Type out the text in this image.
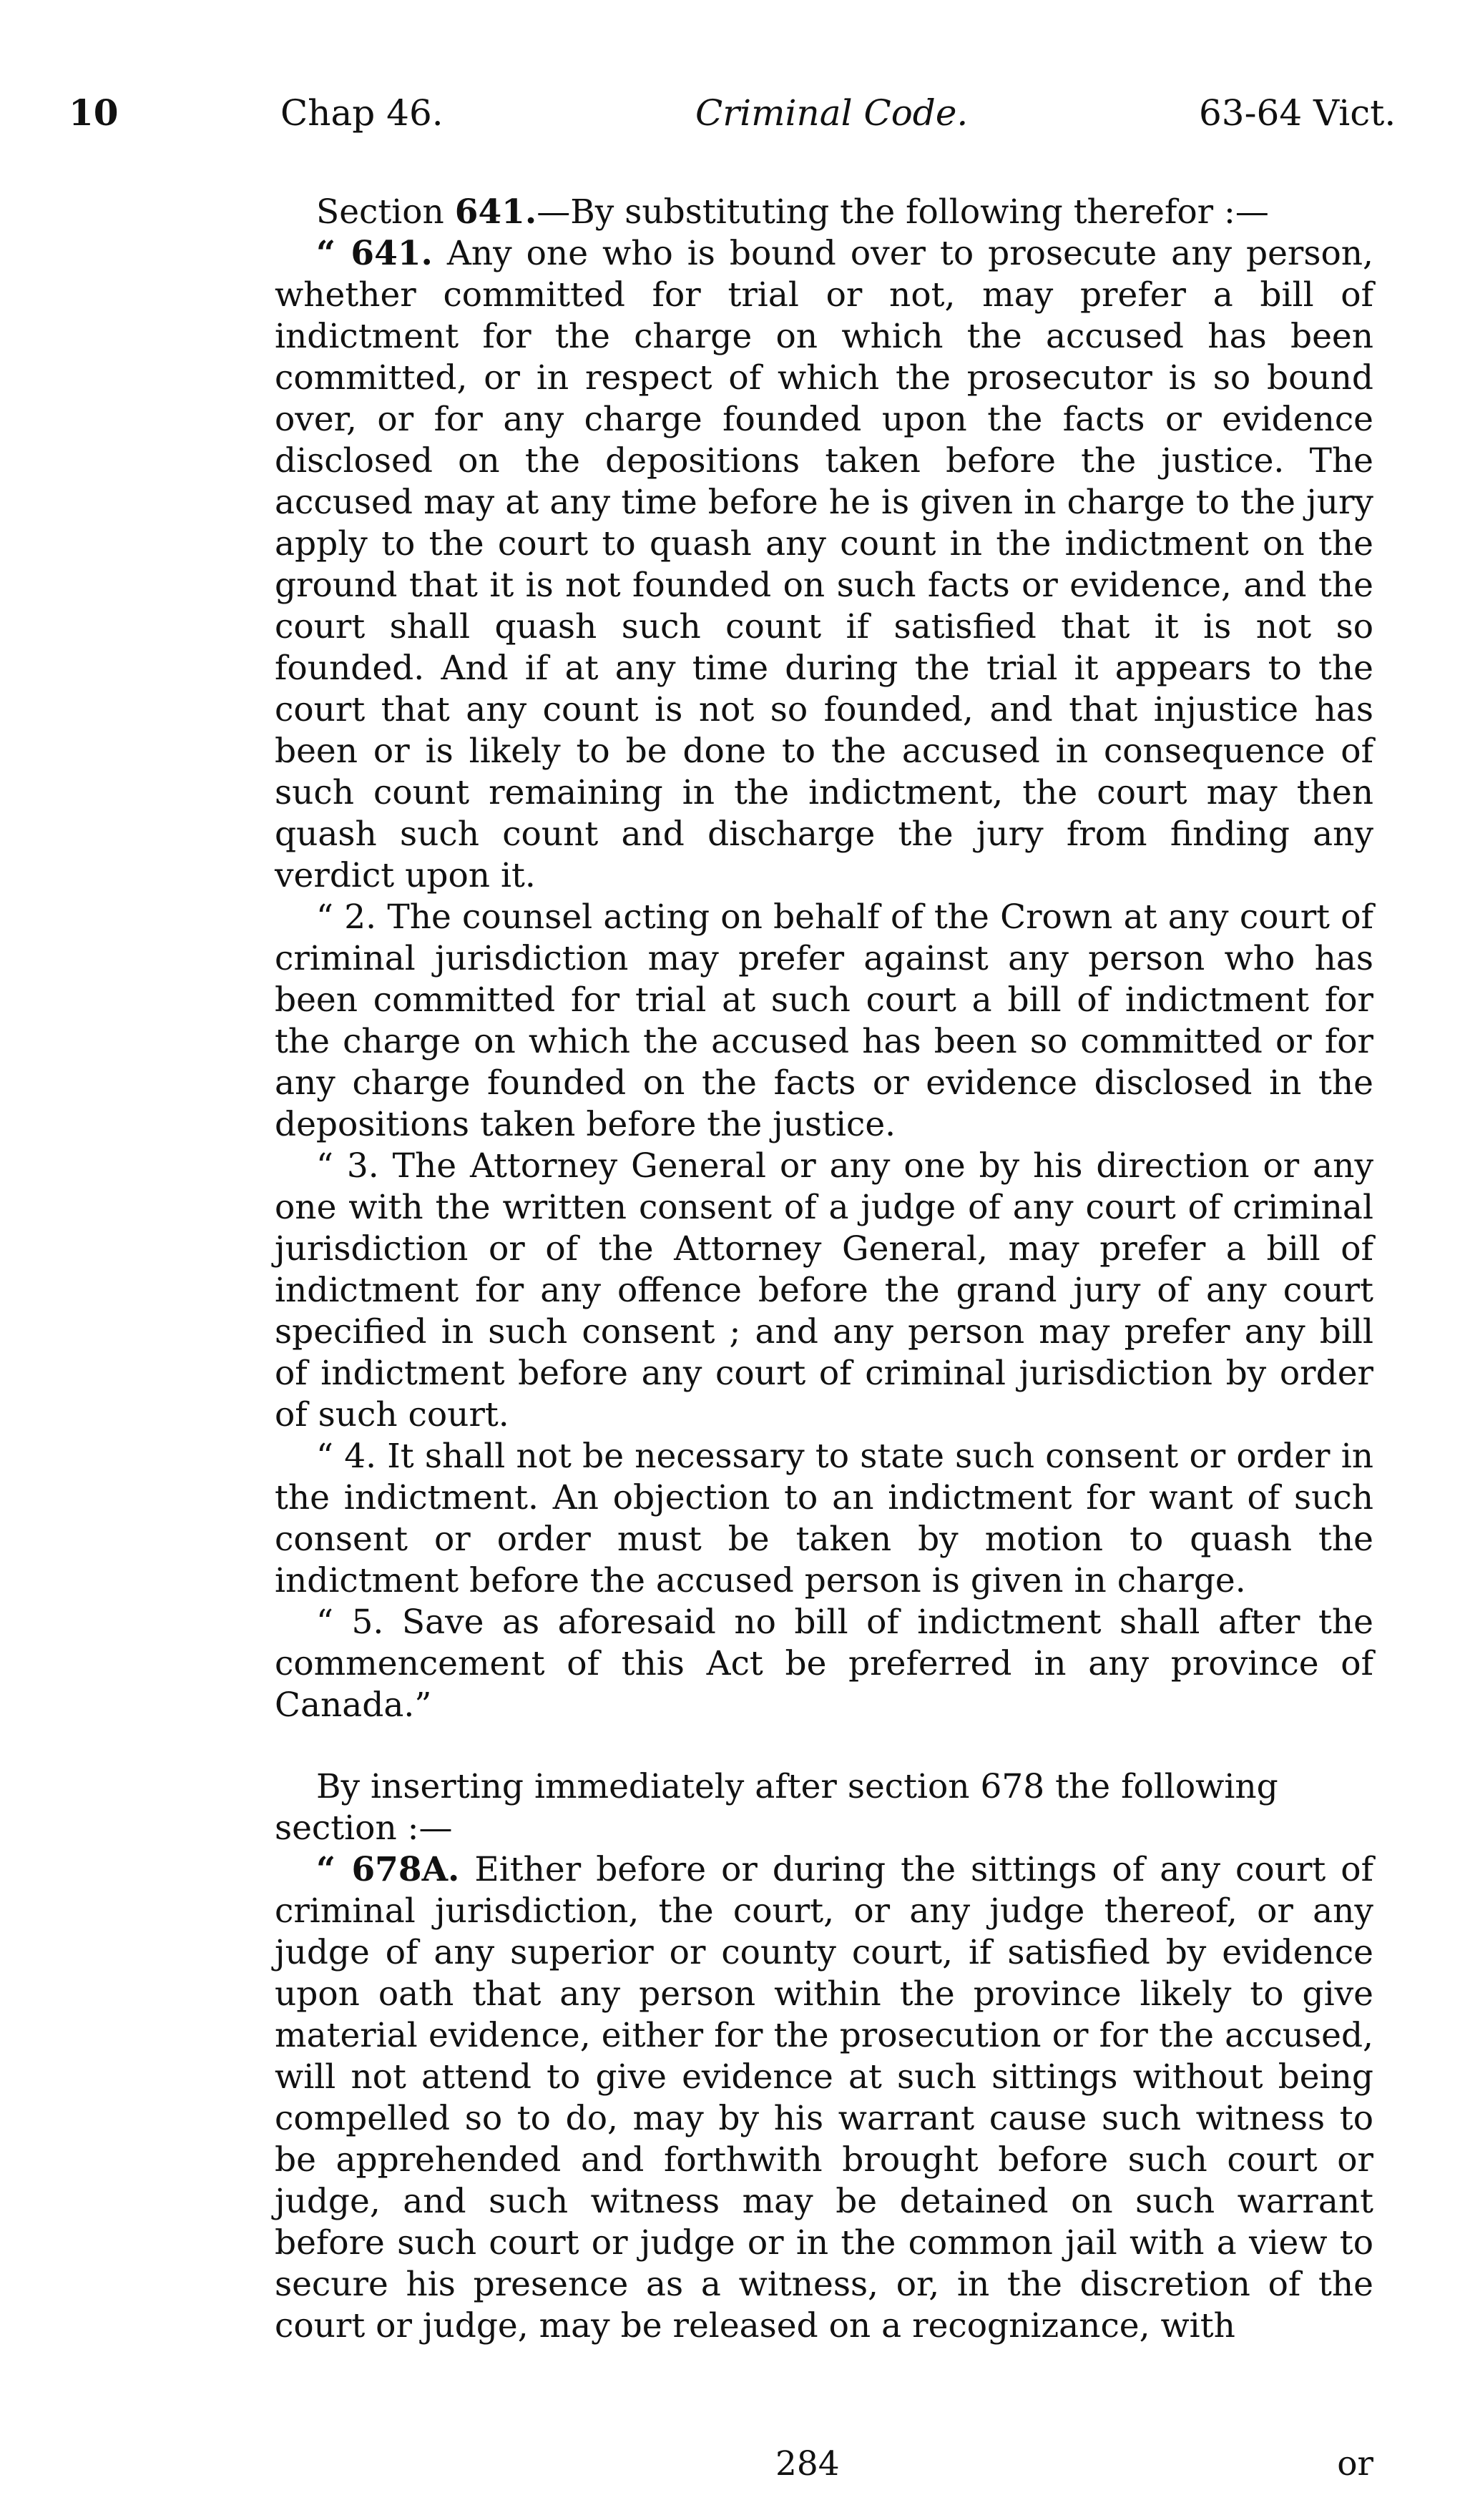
10	Chap 46.	Criminal Code.	63-64 Vict.

Section 641.—By substituting the following therefor :—

“ 641. Any one who is bound over to prosecute any person, whether committed for trial or not, may prefer a bill of indictment for the charge on which the accused has been committed, or in respect of which the prosecutor is so bound over, or for any charge founded upon the facts or evidence disclosed on the depositions taken before the justice. The accused may at any time before he is given in charge to the jury apply to the court to quash any count in the indictment on the ground that it is not founded on such facts or evidence, and the court shall quash such count if satisfied that it is not so founded. And if at any time during the trial it appears to the court that any count is not so founded, and that injustice has been or is likely to be done to the accused in consequence of such count remaining in the indictment, the court may then quash such count and discharge the jury from finding any verdict upon it.

“ 2. The counsel acting on behalf of the Crown at any court of criminal jurisdiction may prefer against any person who has been committed for trial at such court a bill of indictment for the charge on which the accused has been so committed or for any charge founded on the facts or evidence disclosed in the depositions taken before the justice.

“ 3. The Attorney General or any one by his direction or any one with the written consent of a judge of any court of criminal jurisdiction or of the Attorney General, may prefer a bill of indictment for any offence before the grand jury of any court specified in such consent ; and any person may prefer any bill of indictment before any court of criminal jurisdiction by order of such court.

“ 4. It shall not be necessary to state such consent or order in the indictment. An objection to an indictment for want of such consent or order must be taken by motion to quash the indictment before the accused person is given in charge.

“ 5. Save as aforesaid no bill of indictment shall after the commencement of this Act be preferred in any province of Canada.”

By inserting immediately after section 678 the following
section :—

“ 678A. Either before or during the sittings of any court of criminal jurisdiction, the court, or any judge thereof, or any judge of any superior or county court, if satisfied by evidence upon oath that any person within the province likely to give material evidence, either for the prosecution or for the accused, will not attend to give evidence at such sittings without being compelled so to do, may by his warrant cause such witness to be apprehended and forthwith brought before such court or judge, and such witness may be detained on such warrant before such court or judge or in the common jail with a view to secure his presence as a witness, or, in the discretion of the court or judge, may be released on a recognizance, with

284	or
